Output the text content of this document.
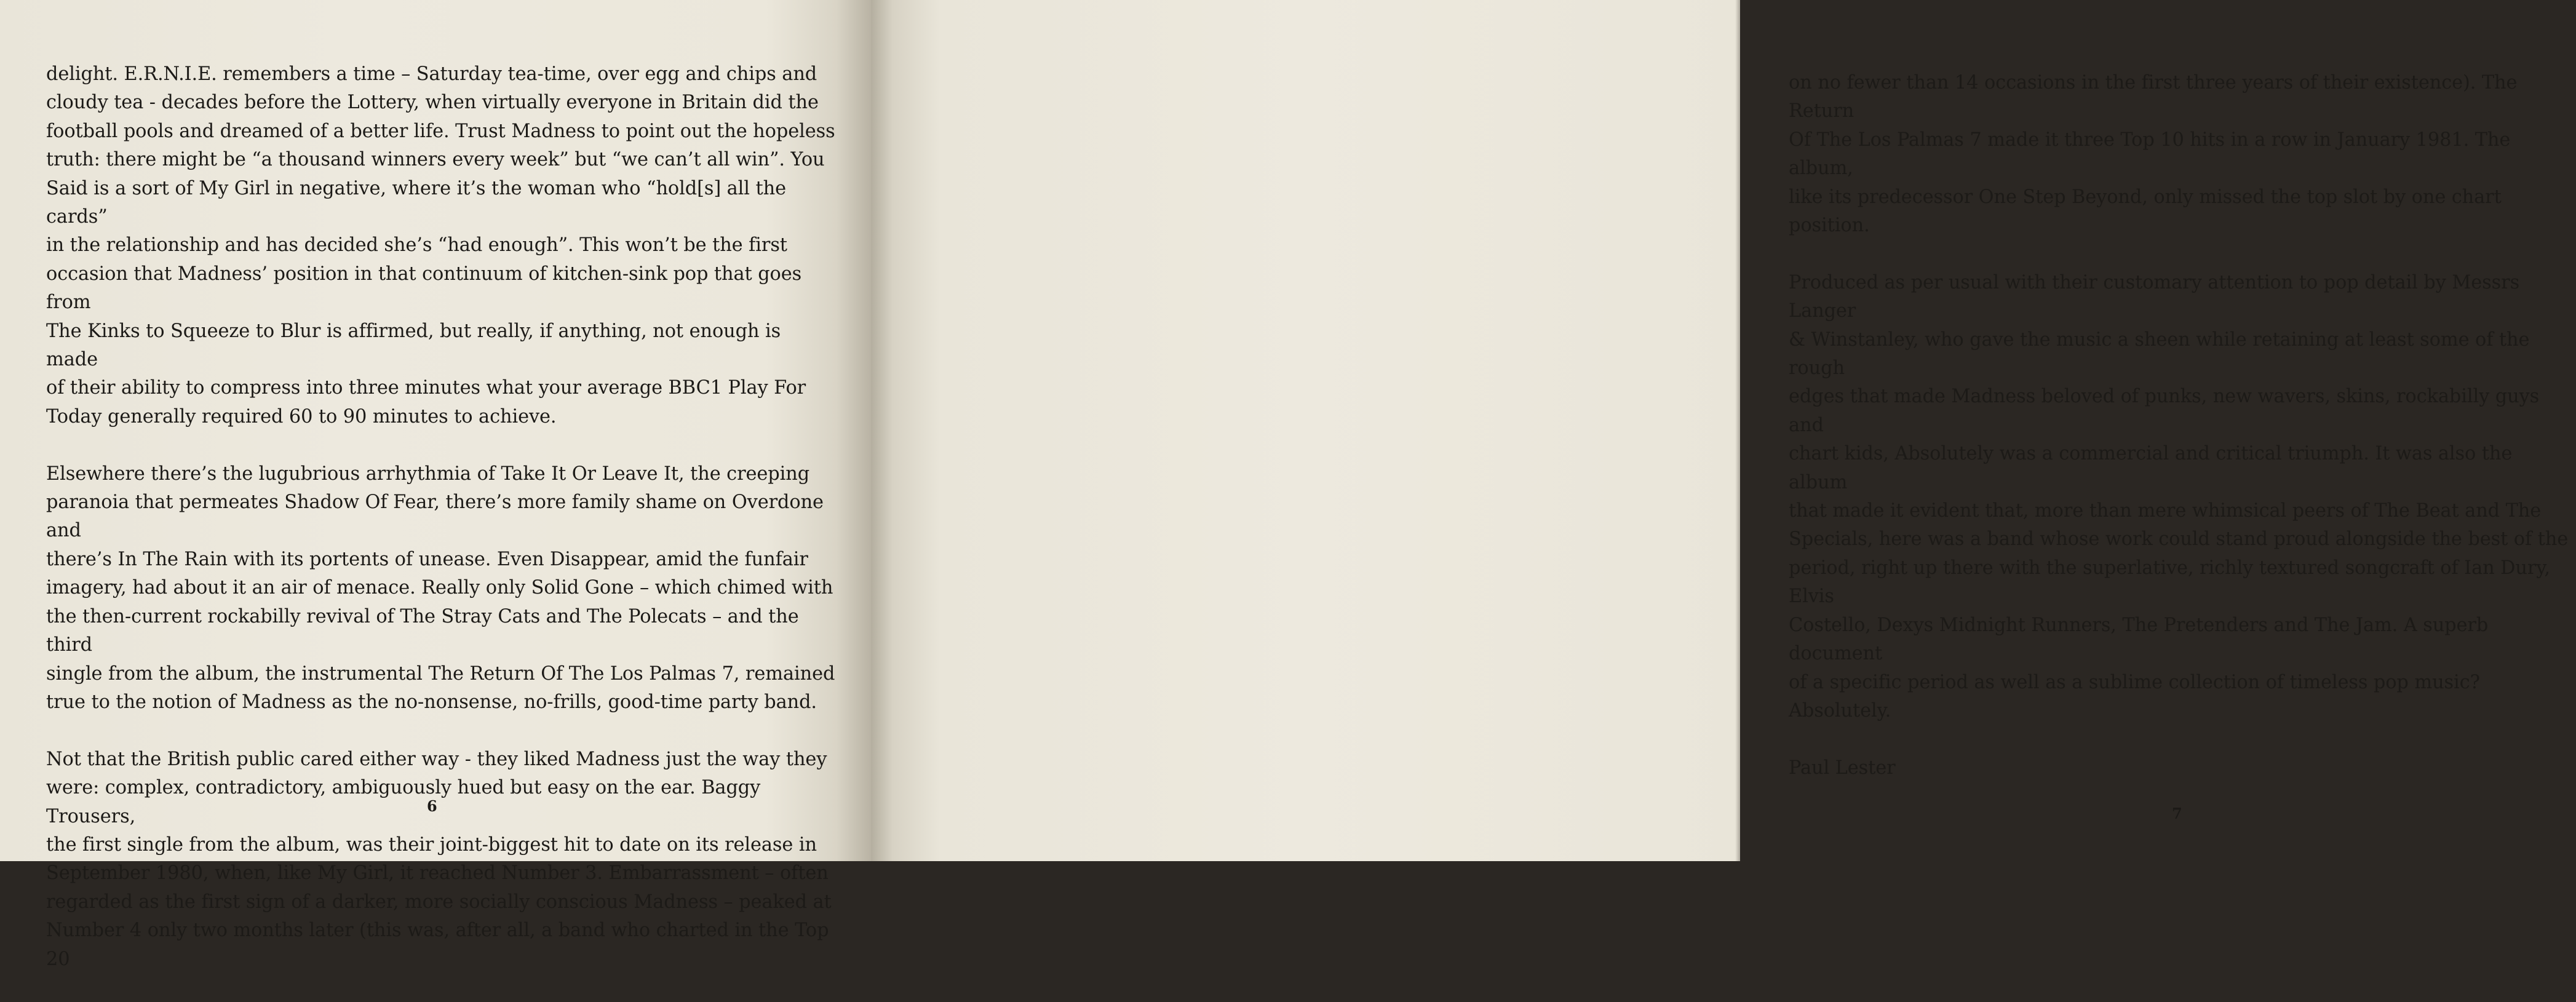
delight. E.R.N.I.E. remembers a time – Saturday tea-time, over egg and chips and
cloudy tea - decades before the Lottery, when virtually everyone in Britain did the
football pools and dreamed of a better life. Trust Madness to point out the hopeless
truth: there might be “a thousand winners every week” but “we can’t all win”. You
Said is a sort of My Girl in negative, where it’s the woman who “hold[s] all the cards”
in the relationship and has decided she’s “had enough”. This won’t be the first
occasion that Madness’ position in that continuum of kitchen-sink pop that goes from
The Kinks to Squeeze to Blur is affirmed, but really, if anything, not enough is made
of their ability to compress into three minutes what your average BBC1 Play For
Today generally required 60 to 90 minutes to achieve.

Elsewhere there’s the lugubrious arrhythmia of Take It Or Leave It, the creeping
paranoia that permeates Shadow Of Fear, there’s more family shame on Overdone and
there’s In The Rain with its portents of unease. Even Disappear, amid the funfair
imagery, had about it an air of menace. Really only Solid Gone – which chimed with
the then-current rockabilly revival of The Stray Cats and The Polecats – and the third
single from the album, the instrumental The Return Of The Los Palmas 7, remained
true to the notion of Madness as the no-nonsense, no-frills, good-time party band.

Not that the British public cared either way - they liked Madness just the way they
were: complex, contradictory, ambiguously hued but easy on the ear. Baggy Trousers,
the first single from the album, was their joint-biggest hit to date on its release in
September 1980, when, like My Girl, it reached Number 3. Embarrassment – often
regarded as the first sign of a darker, more socially conscious Madness – peaked at
Number 4 only two months later (this was, after all, a band who charted in the Top 20

6

on no fewer than 14 occasions in the first three years of their existence). The Return
Of The Los Palmas 7 made it three Top 10 hits in a row in January 1981. The album,
like its predecessor One Step Beyond, only missed the top slot by one chart position.

Produced as per usual with their customary attention to pop detail by Messrs Langer
& Winstanley, who gave the music a sheen while retaining at least some of the rough
edges that made Madness beloved of punks, new wavers, skins, rockabilly guys and
chart kids, Absolutely was a commercial and critical triumph. It was also the album
that made it evident that, more than mere whimsical peers of The Beat and The
Specials, here was a band whose work could stand proud alongside the best of the
period, right up there with the superlative, richly textured songcraft of Ian Dury, Elvis
Costello, Dexys Midnight Runners, The Pretenders and The Jam. A superb document
of a specific period as well as a sublime collection of timeless pop music? Absolutely.

Paul Lester

7
